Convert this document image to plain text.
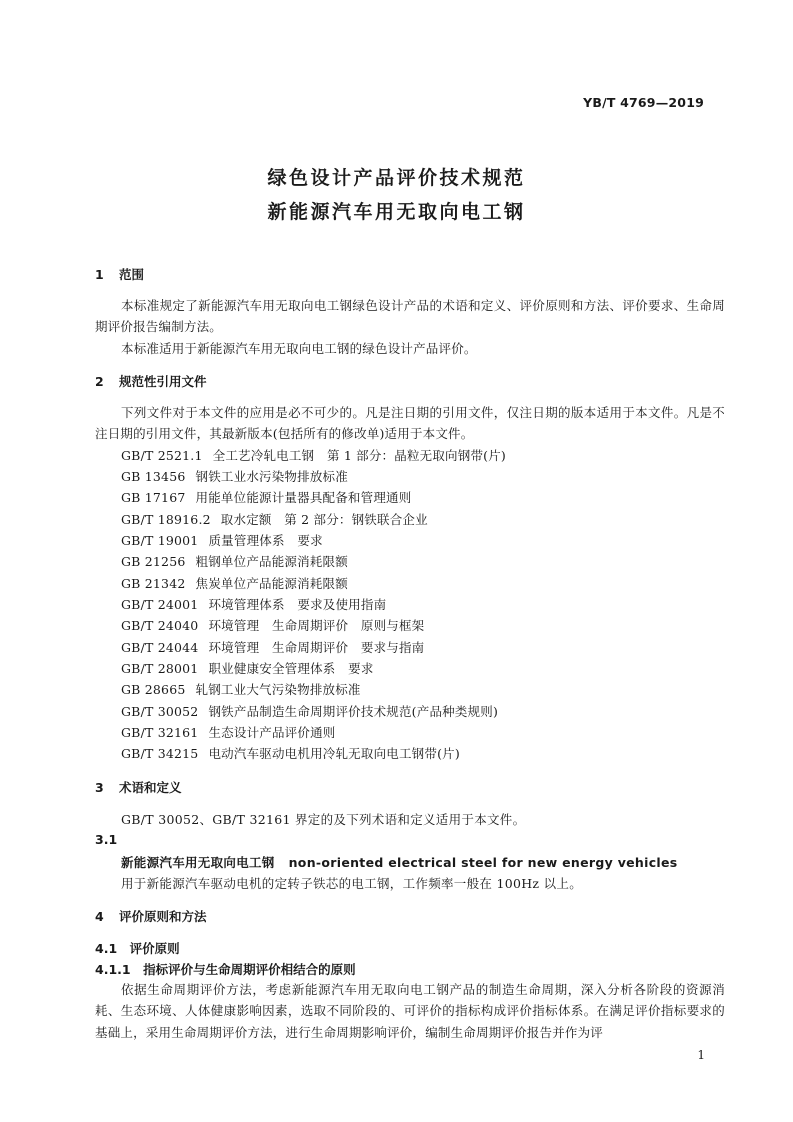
YB/T 4769—2019
绿色设计产品评价技术规范
新能源汽车用无取向电工钢
1 范围
本标准规定了新能源汽车用无取向电工钢绿色设计产品的术语和定义、评价原则和方法、评价要求、生命周期评价报告编制方法。
本标准适用于新能源汽车用无取向电工钢的绿色设计产品评价。
2 规范性引用文件
下列文件对于本文件的应用是必不可少的。凡是注日期的引用文件，仅注日期的版本适用于本文件。凡是不注日期的引用文件，其最新版本(包括所有的修改单)适用于本文件。
GB/T 2521.1 全工艺冷轧电工钢　第 1 部分：晶粒无取向钢带(片)
GB 13456 钢铁工业水污染物排放标准
GB 17167 用能单位能源计量器具配备和管理通则
GB/T 18916.2 取水定额　第 2 部分：钢铁联合企业
GB/T 19001 质量管理体系　要求
GB 21256 粗钢单位产品能源消耗限额
GB 21342 焦炭单位产品能源消耗限额
GB/T 24001 环境管理体系　要求及使用指南
GB/T 24040 环境管理　生命周期评价　原则与框架
GB/T 24044 环境管理　生命周期评价　要求与指南
GB/T 28001 职业健康安全管理体系　要求
GB 28665 轧钢工业大气污染物排放标准
GB/T 30052 钢铁产品制造生命周期评价技术规范(产品种类规则)
GB/T 32161 生态设计产品评价通则
GB/T 34215 电动汽车驱动电机用冷轧无取向电工钢带(片)
3 术语和定义
GB/T 30052、GB/T 32161 界定的及下列术语和定义适用于本文件。
3.1
新能源汽车用无取向电工钢 non-oriented electrical steel for new energy vehicles
用于新能源汽车驱动电机的定转子铁芯的电工钢，工作频率一般在 100Hz 以上。
4 评价原则和方法
4.1　评价原则
4.1.1　指标评价与生命周期评价相结合的原则
依据生命周期评价方法，考虑新能源汽车用无取向电工钢产品的制造生命周期，深入分析各阶段的资源消耗、生态环境、人体健康影响因素，选取不同阶段的、可评价的指标构成评价指标体系。在满足评价指标要求的基础上，采用生命周期评价方法，进行生命周期影响评价，编制生命周期评价报告并作为评
1
